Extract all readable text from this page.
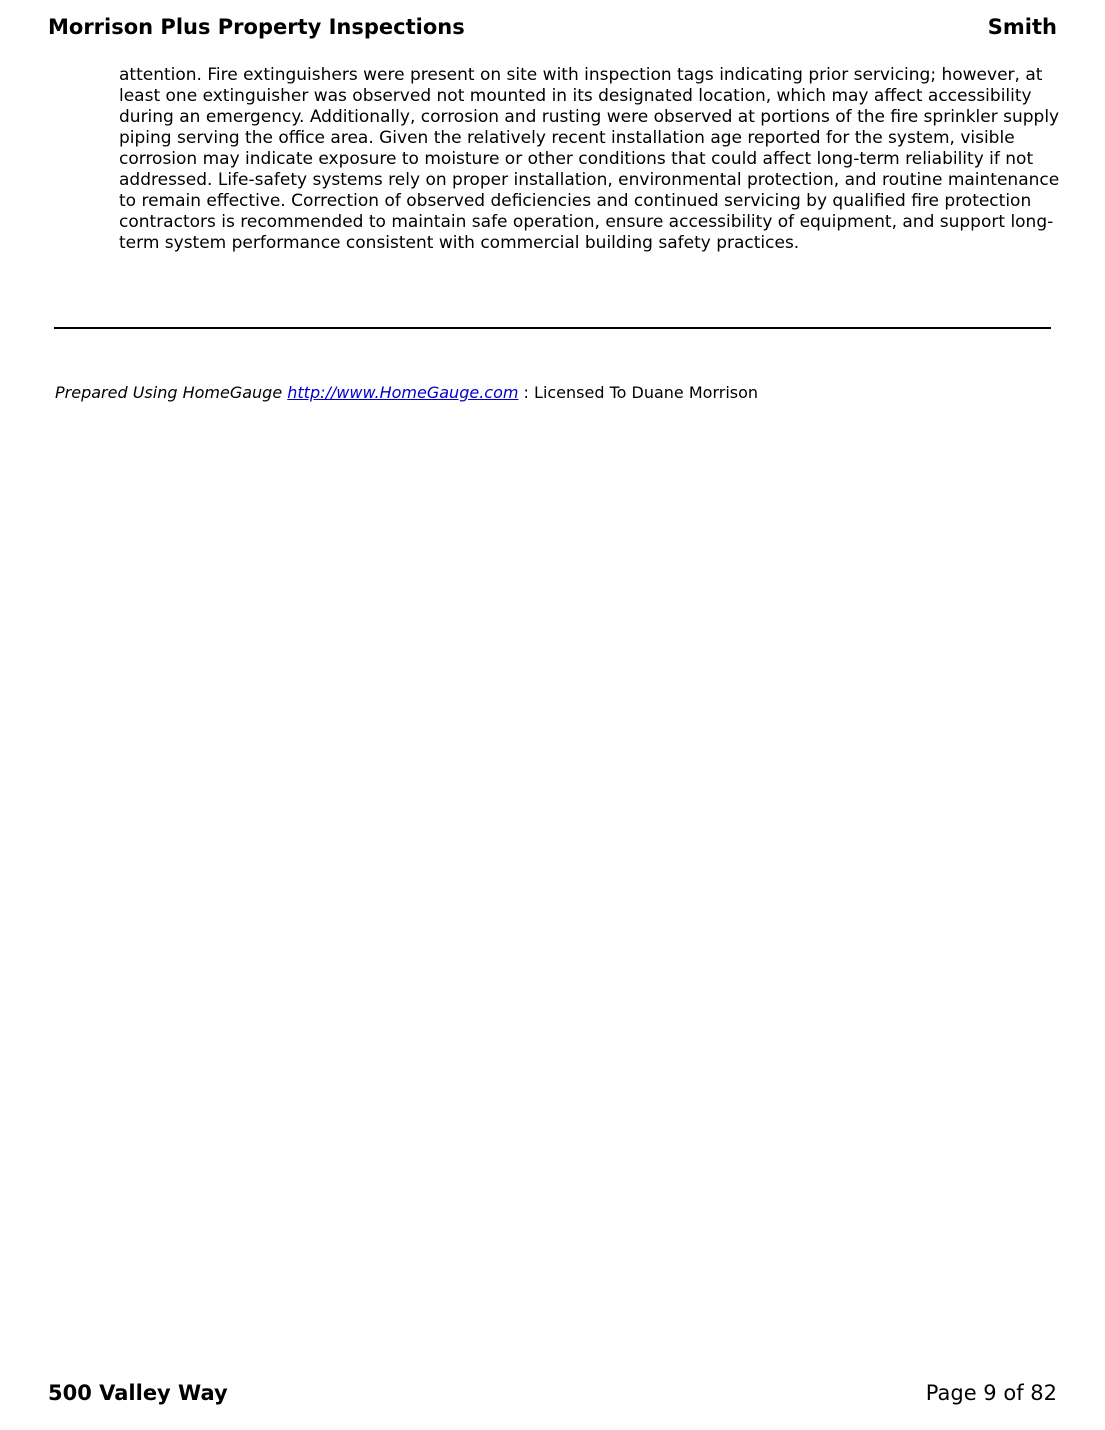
Morrison Plus Property Inspections	Smith
attention. Fire extinguishers were present on site with inspection tags indicating prior servicing; however, at least one extinguisher was observed not mounted in its designated location, which may affect accessibility during an emergency. Additionally, corrosion and rusting were observed at portions of the fire sprinkler supply piping serving the office area. Given the relatively recent installation age reported for the system, visible corrosion may indicate exposure to moisture or other conditions that could affect long-term reliability if not addressed. Life-safety systems rely on proper installation, environmental protection, and routine maintenance to remain effective. Correction of observed deficiencies and continued servicing by qualified fire protection contractors is recommended to maintain safe operation, ensure accessibility of equipment, and support long-term system performance consistent with commercial building safety practices.
Prepared Using HomeGauge http://www.HomeGauge.com : Licensed To Duane Morrison
500 Valley Way	Page 9 of 82
